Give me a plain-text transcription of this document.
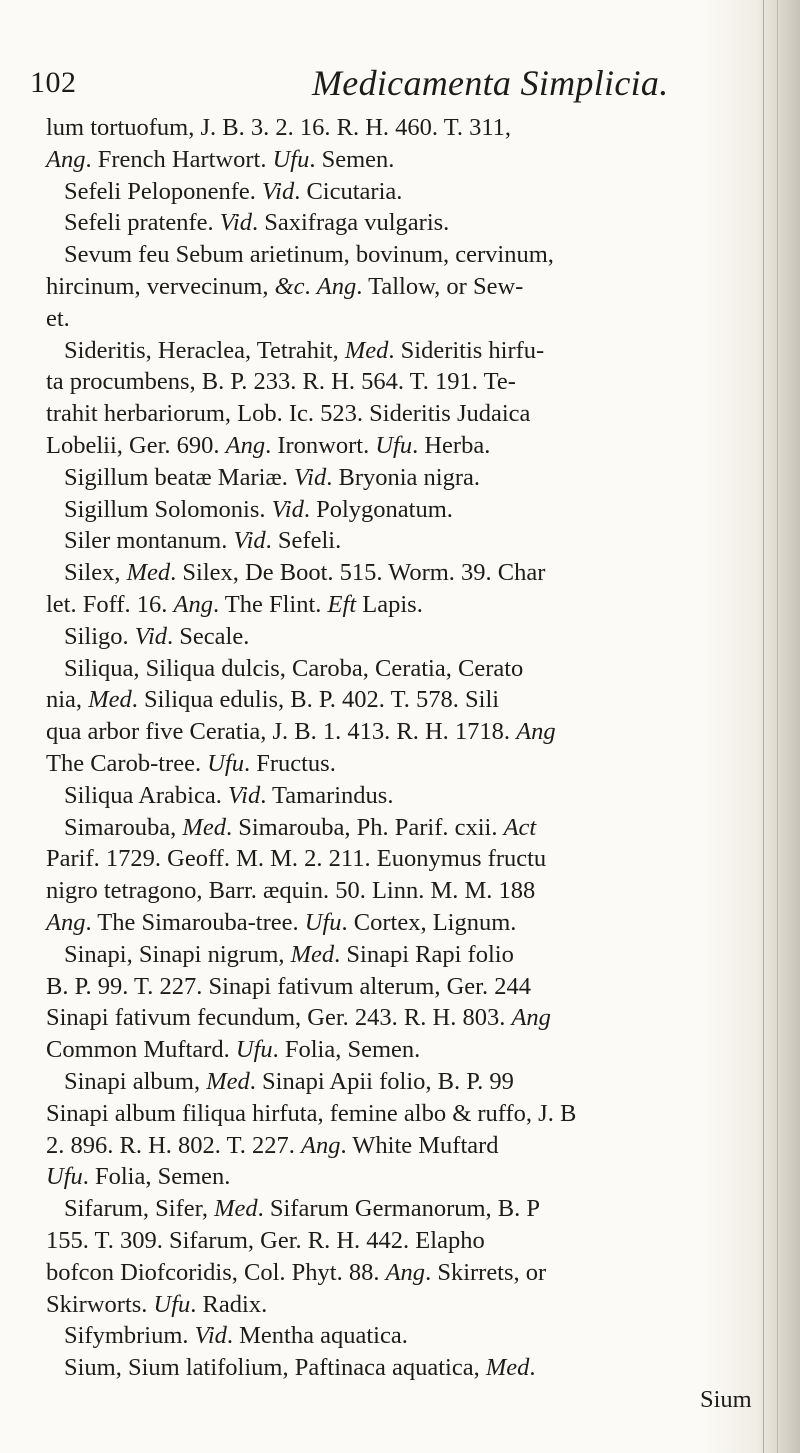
102	Medicamenta Simplicia.
lum tortuofum, J. B. 3. 2. 16. R. H. 460. T. 311,
Ang. French Hartwort. Ufu. Semen.
Sefeli Peloponenfe. Vid. Cicutaria.
Sefeli pratenfe. Vid. Saxifraga vulgaris.
Sevum feu Sebum arietinum, bovinum, cervinum,
hircinum, vervecinum, &c. Ang. Tallow, or Sew-
et.
Sideritis, Heraclea, Tetrahit, Med. Sideritis hirfu-
ta procumbens, B. P. 233. R. H. 564. T. 191. Te-
trahit herbariorum, Lob. Ic. 523. Sideritis Judaica
Lobelii, Ger. 690. Ang. Ironwort. Ufu. Herba.
Sigillum beatæ Mariæ. Vid. Bryonia nigra.
Sigillum Solomonis. Vid. Polygonatum.
Siler montanum. Vid. Sefeli.
Silex, Med. Silex, De Boot. 515. Worm. 39. Char
let. Foff. 16. Ang. The Flint. Eft Lapis.
Siligo. Vid. Secale.
Siliqua, Siliqua dulcis, Caroba, Ceratia, Cerato
nia, Med. Siliqua edulis, B. P. 402. T. 578. Sili
qua arbor five Ceratia, J. B. 1. 413. R. H. 1718. Ang
The Carob-tree. Ufu. Fructus.
Siliqua Arabica. Vid. Tamarindus.
Simarouba, Med. Simarouba, Ph. Parif. cxii. Act
Parif. 1729. Geoff. M. M. 2. 211. Euonymus fructu
nigro tetragono, Barr. æquin. 50. Linn. M. M. 188
Ang. The Simarouba-tree. Ufu. Cortex, Lignum.
Sinapi, Sinapi nigrum, Med. Sinapi Rapi folio
B. P. 99. T. 227. Sinapi fativum alterum, Ger. 244
Sinapi fativum fecundum, Ger. 243. R. H. 803. Ang
Common Muftard. Ufu. Folia, Semen.
Sinapi album, Med. Sinapi Apii folio, B. P. 99
Sinapi album filiqua hirfuta, femine albo & ruffo, J. B
2. 896. R. H. 802. T. 227. Ang. White Muftard
Ufu. Folia, Semen.
Sifarum, Sifer, Med. Sifarum Germanorum, B. P
155. T. 309. Sifarum, Ger. R. H. 442. Elapho
bofcon Diofcoridis, Col. Phyt. 88. Ang. Skirrets, or
Skirworts. Ufu. Radix.
Sifymbrium. Vid. Mentha aquatica.
Sium, Sium latifolium, Paftinaca aquatica, Med.
Sium
